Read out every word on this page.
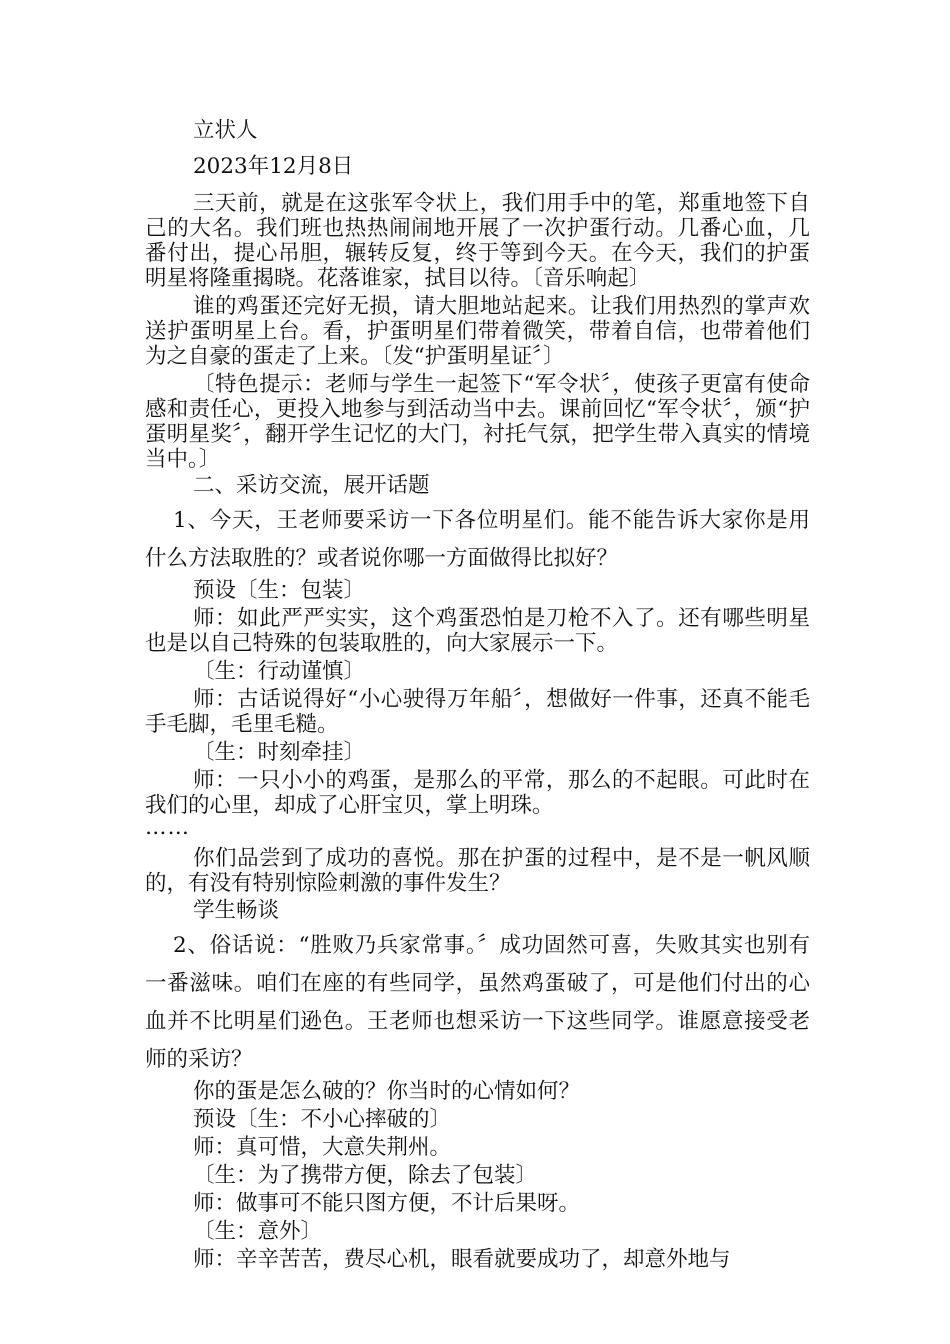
立状人

2023年12月8日

三天前，就是在这张军令状上，我们用手中的笔，郑重地签下自己的大名。我们班也热热闹闹地开展了一次护蛋行动。几番心血，几番付出，提心吊胆，辗转反复，终于等到今天。在今天，我们的护蛋明星将隆重揭晓。花落谁家，拭目以待。〔音乐响起〕

谁的鸡蛋还完好无损，请大胆地站起来。让我们用热烈的掌声欢送护蛋明星上台。看，护蛋明星们带着微笑，带着自信，也带着他们为之自豪的蛋走了上来。〔发“护蛋明星证〞〕

〔特色提示：老师与学生一起签下“军令状〞，使孩子更富有使命感和责任心，更投入地参与到活动当中去。课前回忆“军令状〞，颁“护蛋明星奖〞，翻开学生记忆的大门，衬托气氛，把学生带入真实的情境当中。〕

二、采访交流，展开话题

1、今天，王老师要采访一下各位明星们。能不能告诉大家你是用什么方法取胜的？或者说你哪一方面做得比拟好？

预设〔生：包装〕

师：如此严严实实，这个鸡蛋恐怕是刀枪不入了。还有哪些明星也是以自己特殊的包装取胜的，向大家展示一下。

〔生：行动谨慎〕

师：古话说得好“小心驶得万年船〞，想做好一件事，还真不能毛手毛脚，毛里毛糙。

〔生：时刻牵挂〕

师：一只小小的鸡蛋，是那么的平常，那么的不起眼。可此时在我们的心里，却成了心肝宝贝，掌上明珠。

……

你们品尝到了成功的喜悦。那在护蛋的过程中，是不是一帆风顺的，有没有特别惊险刺激的事件发生？

学生畅谈

2、俗话说：“胜败乃兵家常事。〞成功固然可喜，失败其实也别有一番滋味。咱们在座的有些同学，虽然鸡蛋破了，可是他们付出的心血并不比明星们逊色。王老师也想采访一下这些同学。谁愿意接受老师的采访？

你的蛋是怎么破的？你当时的心情如何？

预设〔生：不小心摔破的〕

师：真可惜，大意失荆州。

〔生：为了携带方便，除去了包装〕

师：做事可不能只图方便，不计后果呀。

〔生：意外〕

师：辛辛苦苦，费尽心机，眼看就要成功了，却意外地与
